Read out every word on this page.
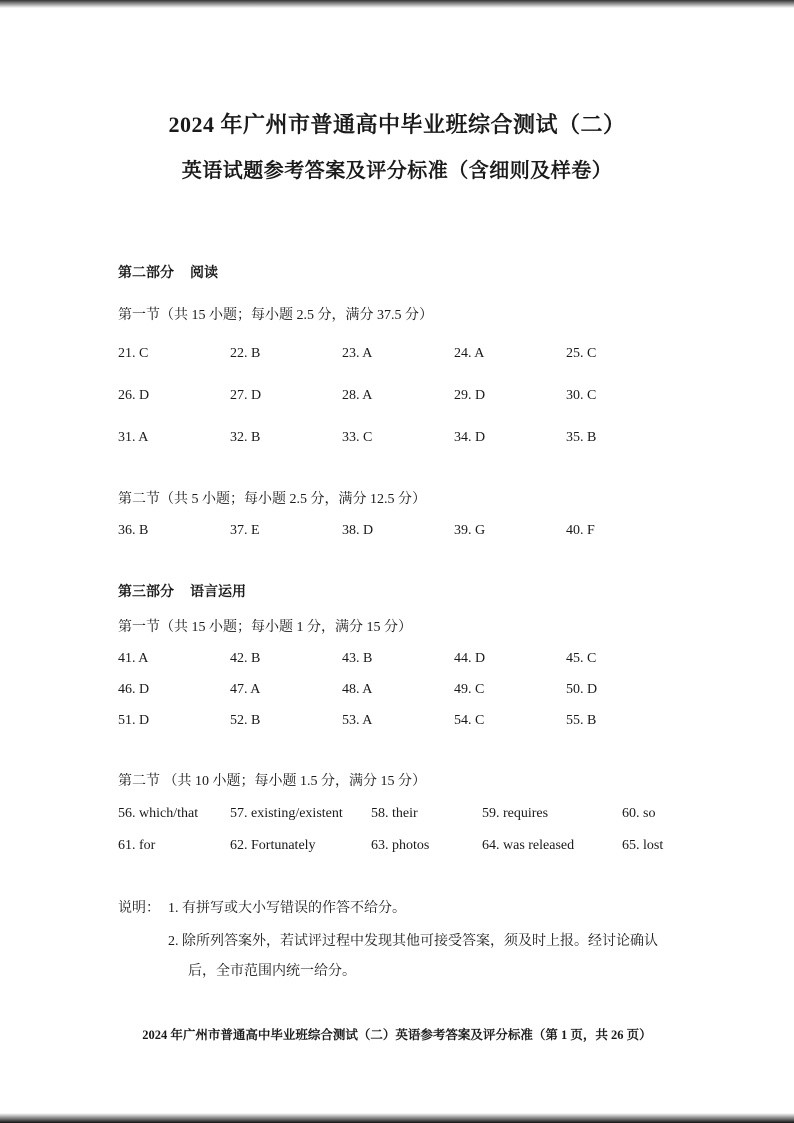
2024 年广州市普通高中毕业班综合测试（二）
英语试题参考答案及评分标准（含细则及样卷）
第二部分 阅读
第一节（共 15 小题；每小题 2.5 分，满分 37.5 分）
21. C	22. B	23. A	24. A	25. C
26. D	27. D	28. A	29. D	30. C
31. A	32. B	33. C	34. D	35. B
第二节（共 5 小题；每小题 2.5 分，满分 12.5 分）
36. B	37. E	38. D	39. G	40. F
第三部分 语言运用
第一节（共 15 小题；每小题 1 分，满分 15 分）
41. A	42. B	43. B	44. D	45. C
46. D	47. A	48. A	49. C	50. D
51. D	52. B	53. A	54. C	55. B
第二节 （共 10 小题；每小题 1.5 分，满分 15 分）
56. which/that 57. existing/existent 58. their	59. requires	60. so
61. for	62. Fortunately	63. photos	64. was released	65. lost
说明： 1. 有拼写或大小写错误的作答不给分。
2. 除所列答案外，若试评过程中发现其他可接受答案，须及时上报。经讨论确认
后，全市范围内统一给分。
2024 年广州市普通高中毕业班综合测试（二）英语参考答案及评分标准（第 1 页，共 26 页）
